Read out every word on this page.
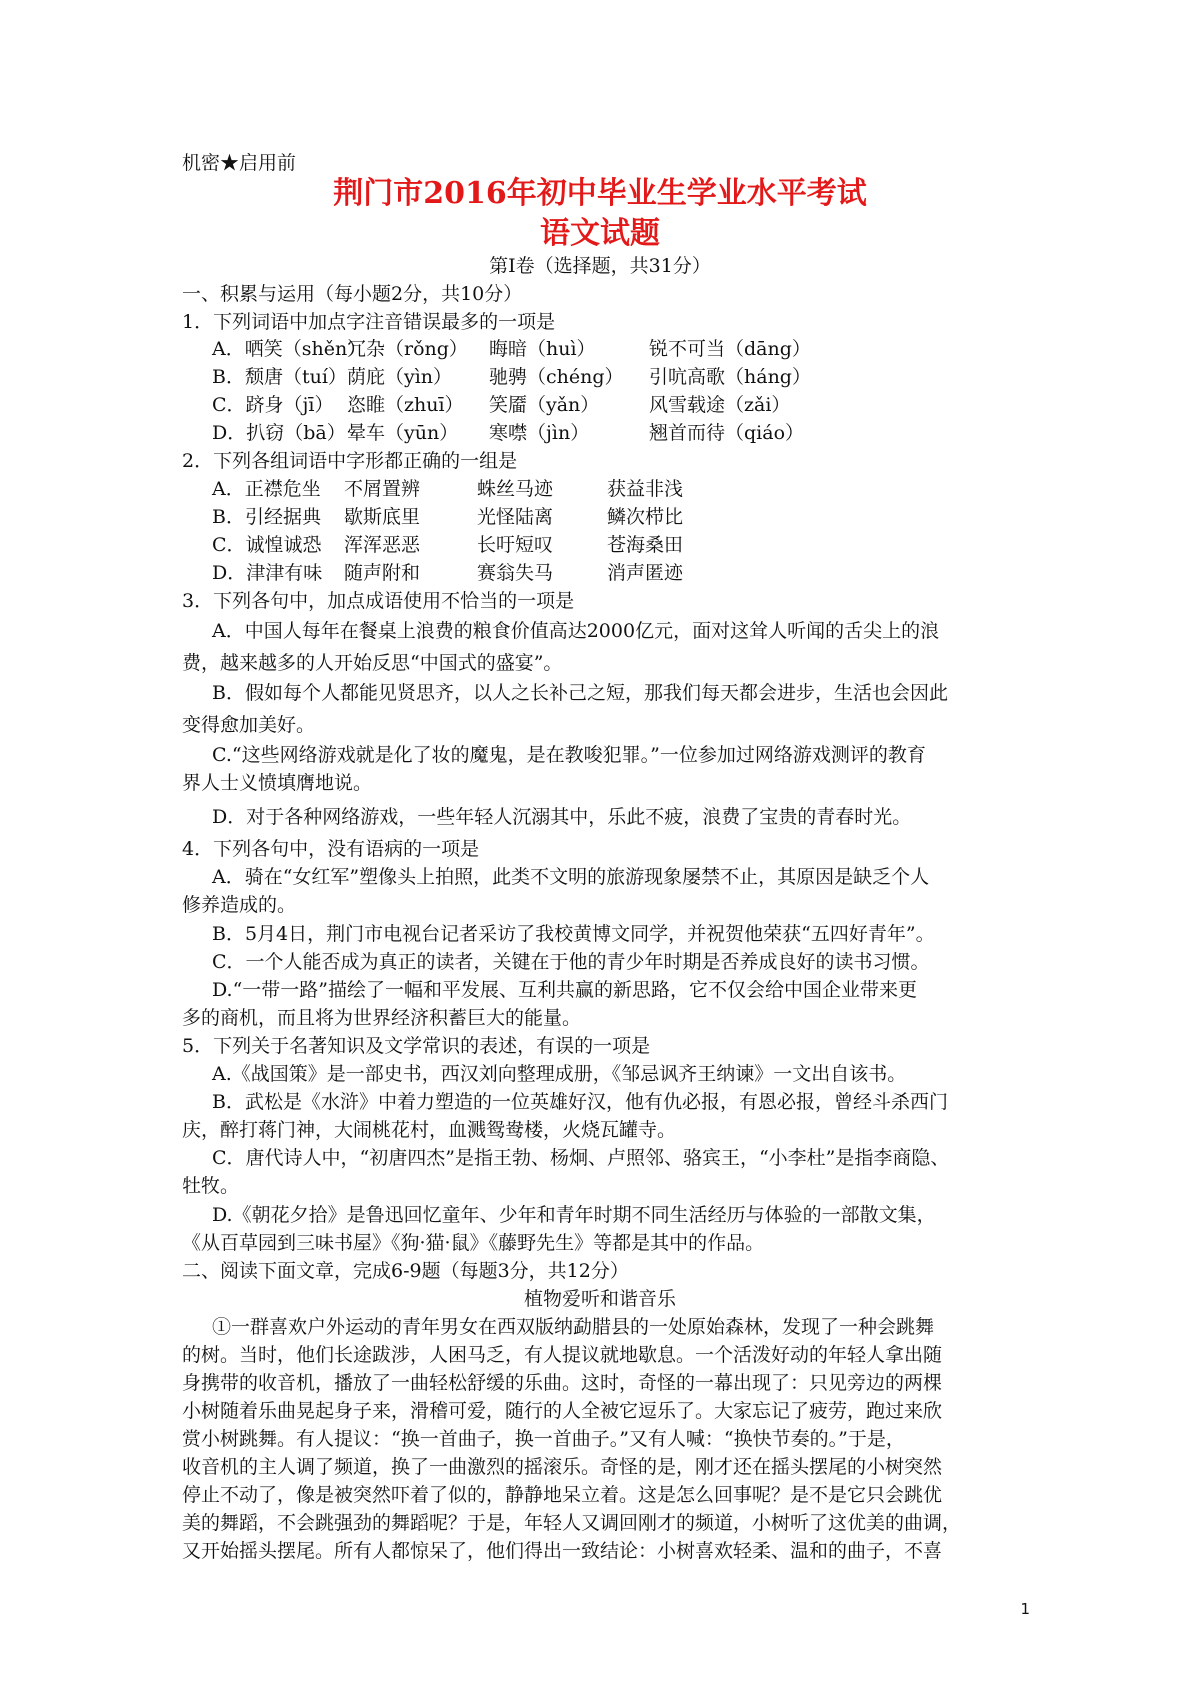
机密★启用前
荆门市2016年初中毕业生学业水平考试
语文试题
第Ⅰ卷（选择题，共31分）
一、积累与运用（每小题2分，共10分）
1．下列词语中加点字注音错误最多的一项是
A．哂笑（shěn）冗杂（rǒng） 晦暗（huì）	锐不可当（dāng）
B．颓唐（tuí）荫庇（yìn） 驰骋（chéng） 引吭高歌（háng）
C．跻身（jī） 恣睢（zhuī） 笑靥（yǎn）	风雪载途（zǎi）
D．扒窃（bā）晕车（yūn） 寒噤（jìn）	翘首而待（qiáo）
2．下列各组词语中字形都正确的一组是
A．正襟危坐 不屑置辨	蛛丝马迹	获益非浅
B．引经据典 歇斯底里	光怪陆离	鳞次栉比
C．诚惶诚恐 浑浑恶恶	长吁短叹	苍海桑田
D．津津有味 随声附和	赛翁失马	消声匿迹
3．下列各句中，加点成语使用不恰当的一项是
A．中国人每年在餐桌上浪费的粮食价值高达2000亿元，面对这耸人听闻的舌尖上的浪
费，越来越多的人开始反思“中国式的盛宴”。
B．假如每个人都能见贤思齐，以人之长补己之短，那我们每天都会进步，生活也会因此
变得愈加美好。
C.“这些网络游戏就是化了妆的魔鬼，是在教唆犯罪。”一位参加过网络游戏测评的教育
界人士义愤填膺地说。
D．对于各种网络游戏，一些年轻人沉溺其中，乐此不疲，浪费了宝贵的青春时光。
4．下列各句中，没有语病的一项是
A．骑在“女红军”塑像头上拍照，此类不文明的旅游现象屡禁不止，其原因是缺乏个人
修养造成的。
B．5月4日，荆门市电视台记者采访了我校黄博文同学，并祝贺他荣获“五四好青年”。
C．一个人能否成为真正的读者，关键在于他的青少年时期是否养成良好的读书习惯。
D.“一带一路”描绘了一幅和平发展、互利共赢的新思路，它不仅会给中国企业带来更
多的商机，而且将为世界经济积蓄巨大的能量。
5．下列关于名著知识及文学常识的表述，有误的一项是
A.《战国策》是一部史书，西汉刘向整理成册，《邹忌讽齐王纳谏》一文出自该书。
B．武松是《水浒》中着力塑造的一位英雄好汉，他有仇必报，有恩必报，曾经斗杀西门
庆，醉打蒋门神，大闹桃花村，血溅鸳鸯楼，火烧瓦罐寺。
C．唐代诗人中，“初唐四杰”是指王勃、杨炯、卢照邻、骆宾王，“小李杜”是指李商隐、
牡牧。
D.《朝花夕拾》是鲁迅回忆童年、少年和青年时期不同生活经历与体验的一部散文集，
《从百草园到三味书屋》《狗·猫·鼠》《藤野先生》等都是其中的作品。
二、阅读下面文章，完成6-9题（每题3分，共12分）
植物爱听和谐音乐
①一群喜欢户外运动的青年男女在西双版纳勐腊县的一处原始森林，发现了一种会跳舞
的树。当时，他们长途跋涉，人困马乏，有人提议就地歇息。一个活泼好动的年轻人拿出随
身携带的收音机，播放了一曲轻松舒缓的乐曲。这时，奇怪的一幕出现了：只见旁边的两棵
小树随着乐曲晃起身子来，滑稽可爱，随行的人全被它逗乐了。大家忘记了疲劳，跑过来欣
赏小树跳舞。有人提议：“换一首曲子，换一首曲子。”又有人喊：“换快节奏的。”于是，
收音机的主人调了频道，换了一曲激烈的摇滚乐。奇怪的是，刚才还在摇头摆尾的小树突然
停止不动了，像是被突然吓着了似的，静静地呆立着。这是怎么回事呢？是不是它只会跳优
美的舞蹈，不会跳强劲的舞蹈呢？于是，年轻人又调回刚才的频道，小树听了这优美的曲调，
又开始摇头摆尾。所有人都惊呆了，他们得出一致结论：小树喜欢轻柔、温和的曲子，不喜
1
